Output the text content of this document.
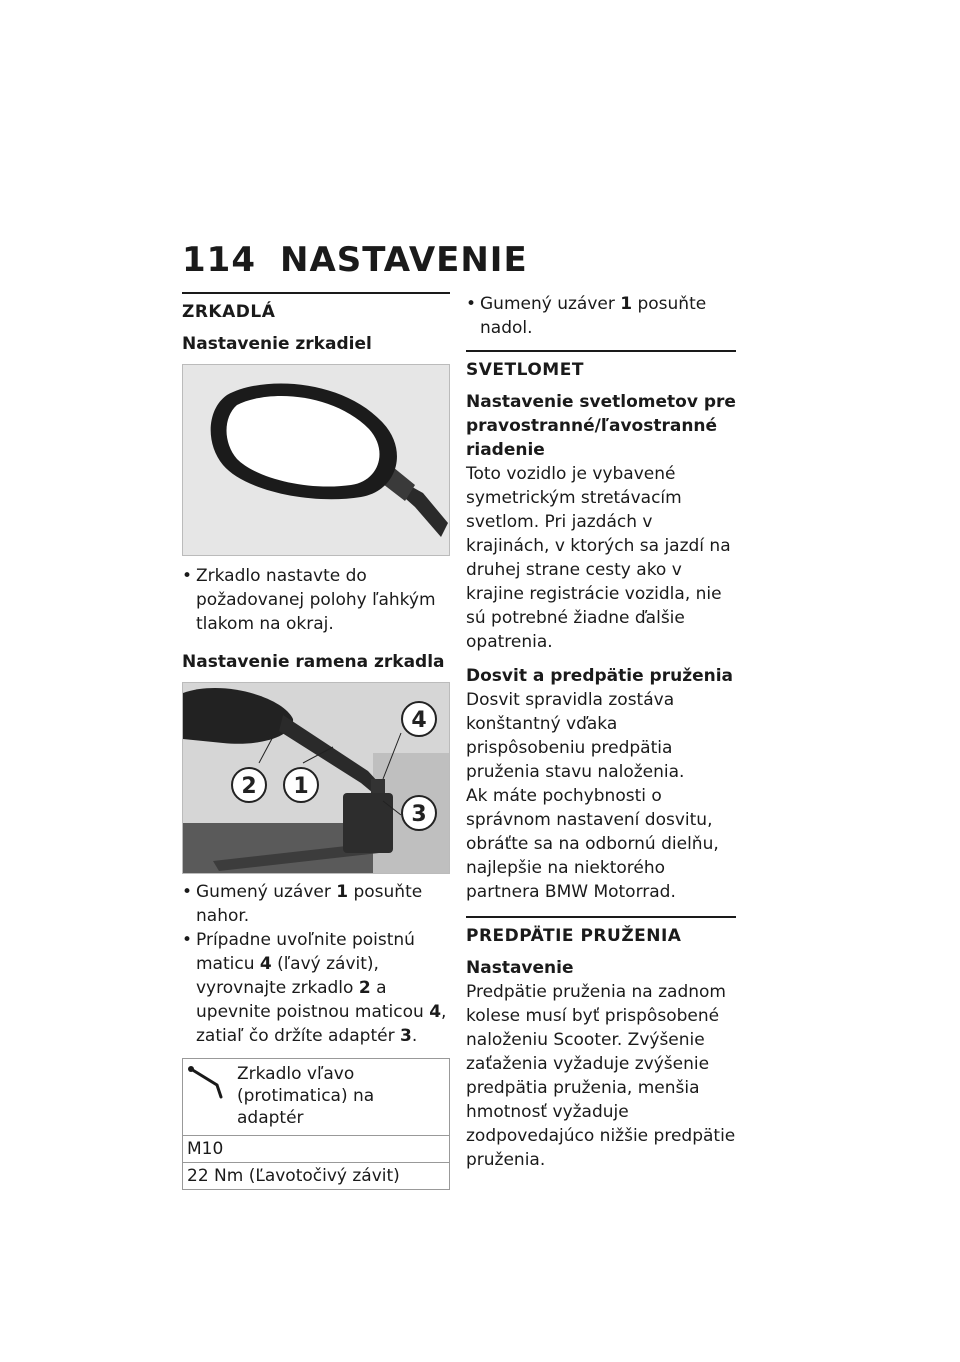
114 NASTAVENIE
ZRKADLÁ
Nastavenie zrkadiel
• Zrkadlo nastavte do požadovanej polohy ľahkým tlakom na okraj.
Nastavenie ramena zrkadla
4
2 1
3
• Gumený uzáver 1 posuňte nahor.
• Prípadne uvoľnite poistnú maticu 4 (ľavý závit), vyrovnajte zrkadlo 2 a upevnite poistnou maticou 4, zatiaľ čo držíte adaptér 3.
Zrkadlo vľavo (protimatica) na adaptér
M10
22 Nm (Ľavotočivý závit)
• Gumený uzáver 1 posuňte nadol.
SVETLOMET
Nastavenie svetlometov pre pravostranné/ľavostranné riadenie

Toto vozidlo je vybavené symetrickým stretávacím svetlom. Pri jazdách v krajinách, v ktorých sa jazdí na druhej strane cesty ako v krajine registrácie vozidla, nie sú potrebné žiadne ďalšie opatrenia.

Dosvit a predpätie pruženia

Dosvit spravidla zostáva konštantný vďaka prispôsobeniu predpätia pruženia stavu naloženia.

Ak máte pochybnosti o správnom nastavení dosvitu, obráťte sa na odbornú dielňu, najlepšie na niektorého partnera BMW Motorrad.

PREDPÄTIE PRUŽENIA
Nastavenie

Predpätie pruženia na zadnom kolese musí byť prispôsobené naloženiu Scooter. Zvýšenie zaťaženia vyžaduje zvýšenie predpätia pruženia, menšia hmotnosť vyžaduje zodpovedajúco nižšie predpätie pruženia.
